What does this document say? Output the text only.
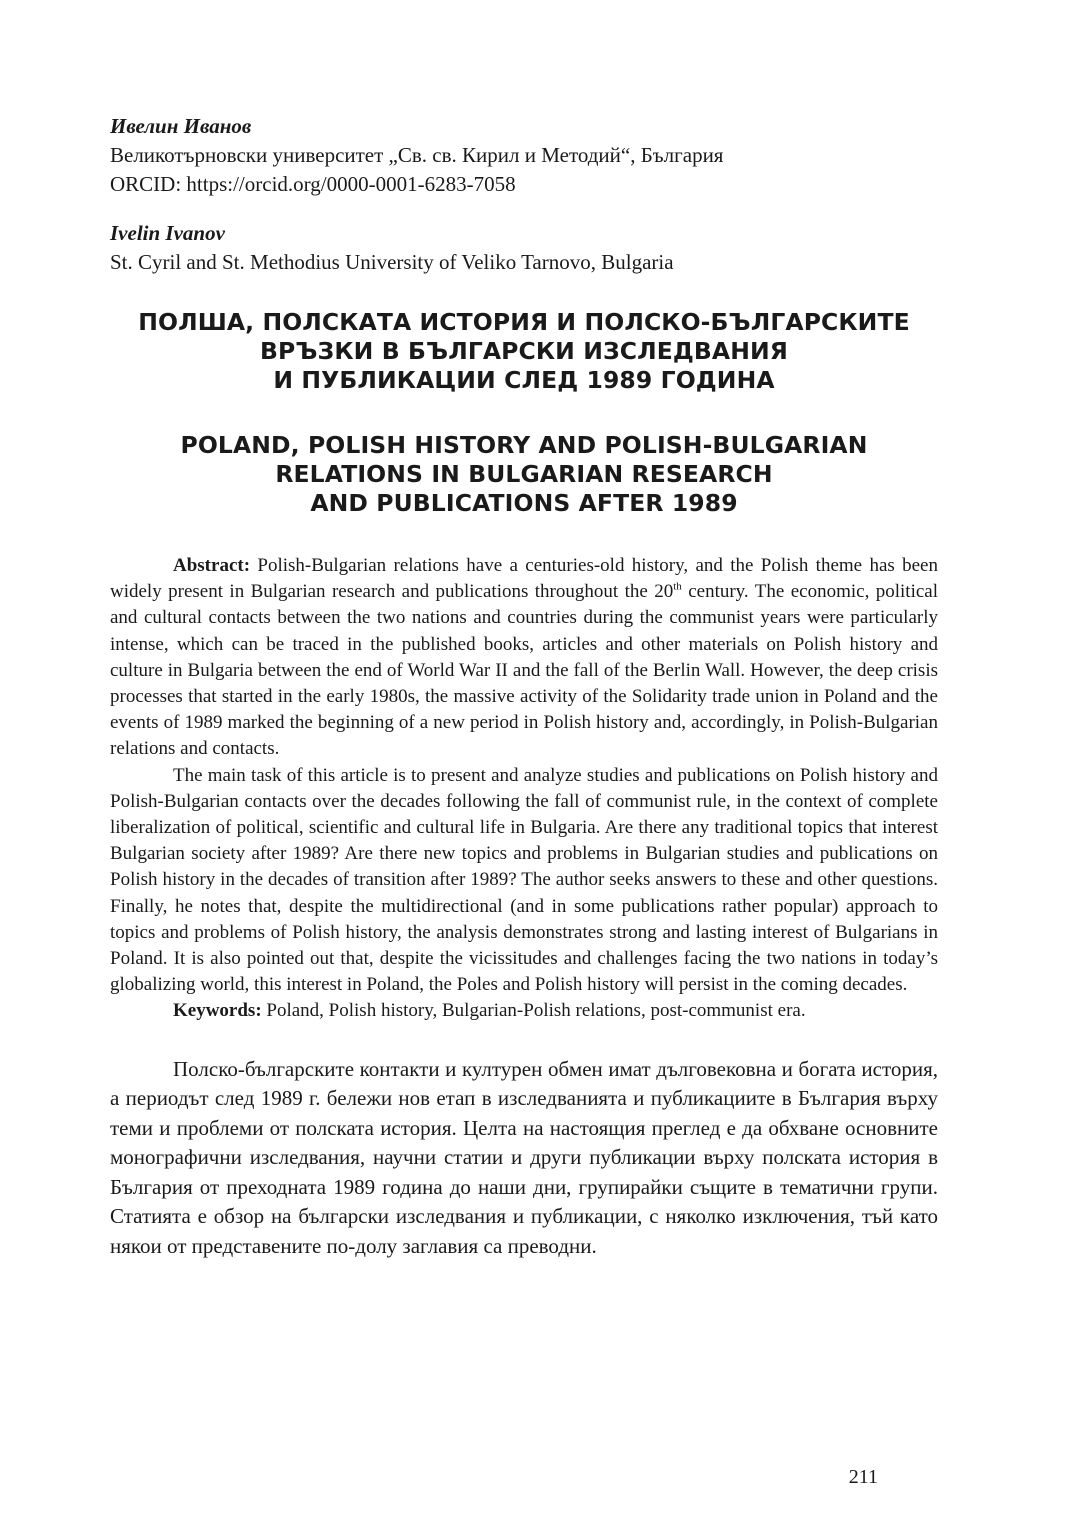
Ивелин Иванов
Великотърновски университет „Св. св. Кирил и Методий“, България
ORCID: https://orcid.org/0000-0001-6283-7058
Ivelin Ivanov
St. Cyril and St. Methodius University of Veliko Tarnovo, Bulgaria
ПОЛША, ПОЛСКАТА ИСТОРИЯ И ПОЛСКО-БЪЛГАРСКИТЕ
ВРЪЗКИ В БЪЛГАРСКИ ИЗСЛЕДВАНИЯ
И ПУБЛИКАЦИИ СЛЕД 1989 ГОДИНА
POLAND, POLISH HISTORY AND POLISH-BULGARIAN
RELATIONS IN BULGARIAN RESEARCH
AND PUBLICATIONS AFTER 1989

Abstract: Polish-Bulgarian relations have a centuries-old history, and the Polish theme has been widely present in Bulgarian research and publications throughout the 20th century. The economic, political and cultural contacts between the two nations and countries during the communist years were particularly intense, which can be traced in the published books, articles and other materials on Polish history and culture in Bulgaria between the end of World War II and the fall of the Berlin Wall. However, the deep crisis processes that started in the early 1980s, the massive activity of the Solidarity trade union in Poland and the events of 1989 marked the beginning of a new period in Polish history and, accordingly, in Polish-Bulgarian relations and contacts.

The main task of this article is to present and analyze studies and publications on Polish history and Polish-Bulgarian contacts over the decades following the fall of communist rule, in the context of complete liberalization of political, scientific and cultural life in Bulgaria. Are there any traditional topics that interest Bulgarian society after 1989? Are there new topics and problems in Bulgarian studies and publications on Polish history in the decades of transition after 1989? The author seeks answers to these and other questions. Finally, he notes that, despite the multidirectional (and in some publications rather popular) approach to topics and problems of Polish history, the analysis demonstrates strong and lasting interest of Bulgarians in Poland. It is also pointed out that, despite the vicissitudes and challenges facing the two nations in today’s globalizing world, this interest in Poland, the Poles and Polish history will persist in the coming decades.

Keywords: Poland, Polish history, Bulgarian-Polish relations, post-communist era.

Полско-българските контакти и културен обмен имат дълговековна и богата история, а периодът след 1989 г. бележи нов етап в изследванията и публикациите в България върху теми и проблеми от полската история. Целта на настоящия преглед е да обхване основните монографични изследвания, научни статии и други публикации върху полската история в България от преходната 1989 година до наши дни, групирайки същите в тематични групи. Статията е обзор на български изследвания и публикации, с няколко изключения, тъй като някои от представените по-долу заглавия са преводни.

211
